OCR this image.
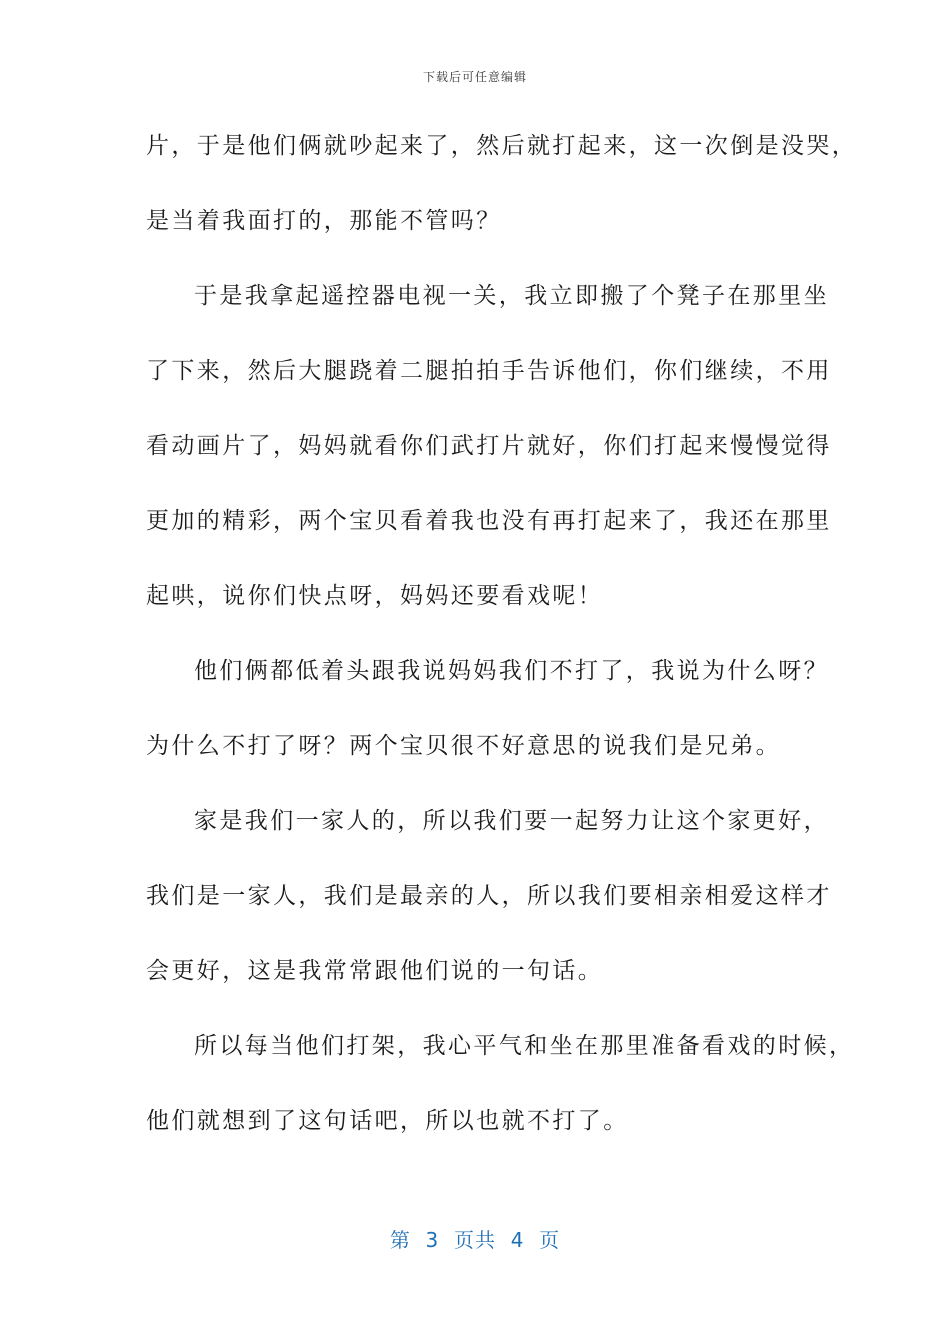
下载后可任意编辑
片，于是他们俩就吵起来了，然后就打起来，这一次倒是没哭，
是当着我面打的，那能不管吗？
于是我拿起遥控器电视一关，我立即搬了个凳子在那里坐
了下来，然后大腿跷着二腿拍拍手告诉他们，你们继续，不用
看动画片了，妈妈就看你们武打片就好，你们打起来慢慢觉得
更加的精彩，两个宝贝看着我也没有再打起来了，我还在那里
起哄，说你们快点呀，妈妈还要看戏呢！
他们俩都低着头跟我说妈妈我们不打了，我说为什么呀？
为什么不打了呀？两个宝贝很不好意思的说我们是兄弟。
家是我们一家人的，所以我们要一起努力让这个家更好，
我们是一家人，我们是最亲的人，所以我们要相亲相爱这样才
会更好，这是我常常跟他们说的一句话。
所以每当他们打架，我心平气和坐在那里准备看戏的时候，
他们就想到了这句话吧，所以也就不打了。
第  3  页共  4  页
